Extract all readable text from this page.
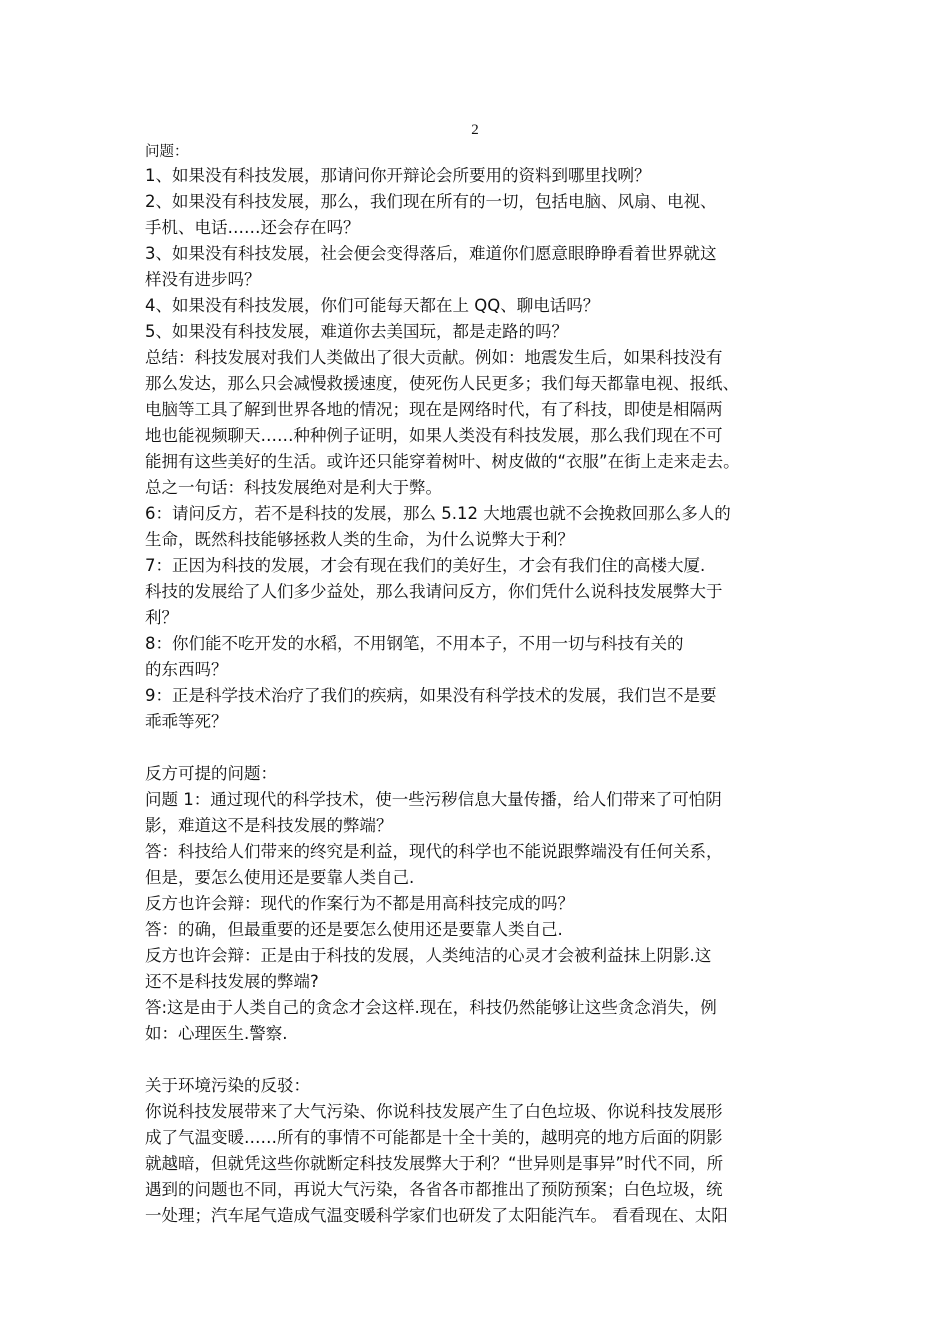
2
问题：
1、如果没有科技发展，那请问你开辩论会所要用的资料到哪里找咧？
2、如果没有科技发展，那么，我们现在所有的一切，包括电脑、风扇、电视、
手机、电话……还会存在吗？
3、如果没有科技发展，社会便会变得落后，难道你们愿意眼睁睁看着世界就这
样没有进步吗？
4、如果没有科技发展，你们可能每天都在上 QQ、聊电话吗？
5、如果没有科技发展，难道你去美国玩，都是走路的吗？
总结：科技发展对我们人类做出了很大贡献。例如：地震发生后，如果科技没有
那么发达，那么只会减慢救援速度，使死伤人民更多；我们每天都靠电视、报纸、
电脑等工具了解到世界各地的情况；现在是网络时代，有了科技，即使是相隔两
地也能视频聊天……种种例子证明，如果人类没有科技发展，那么我们现在不可
能拥有这些美好的生活。或许还只能穿着树叶、树皮做的“衣服”在街上走来走去。
总之一句话：科技发展绝对是利大于弊。
6：请问反方，若不是科技的发展，那么 5.12 大地震也就不会挽救回那么多人的
生命，既然科技能够拯救人类的生命，为什么说弊大于利？
7：正因为科技的发展，才会有现在我们的美好生，才会有我们住的高楼大厦.
科技的发展给了人们多少益处，那么我请问反方，你们凭什么说科技发展弊大于
利？
8：你们能不吃开发的水稻，不用钢笔，不用本子，不用一切与科技有关的
的东西吗？
9：正是科学技术治疗了我们的疾病，如果没有科学技术的发展，我们岂不是要
乖乖等死？
反方可提的问题：
问题 1：通过现代的科学技术，使一些污秽信息大量传播，给人们带来了可怕阴
影，难道这不是科技发展的弊端？
答：科技给人们带来的终究是利益，现代的科学也不能说跟弊端没有任何关系，
但是，要怎么使用还是要靠人类自己.
反方也许会辩：现代的作案行为不都是用高科技完成的吗？
答：的确，但最重要的还是要怎么使用还是要靠人类自己.
反方也许会辩：正是由于科技的发展，人类纯洁的心灵才会被利益抹上阴影.这
还不是科技发展的弊端?
答:这是由于人类自己的贪念才会这样.现在，科技仍然能够让这些贪念消失，例
如：心理医生.警察.
关于环境污染的反驳：
你说科技发展带来了大气污染、你说科技发展产生了白色垃圾、你说科技发展形
成了气温变暖……所有的事情不可能都是十全十美的，越明亮的地方后面的阴影
就越暗，但就凭这些你就断定科技发展弊大于利？“世异则是事异”时代不同，所
遇到的问题也不同，再说大气污染，各省各市都推出了预防预案；白色垃圾，统
一处理；汽车尾气造成气温变暖科学家们也研发了太阳能汽车。 看看现在、太阳
